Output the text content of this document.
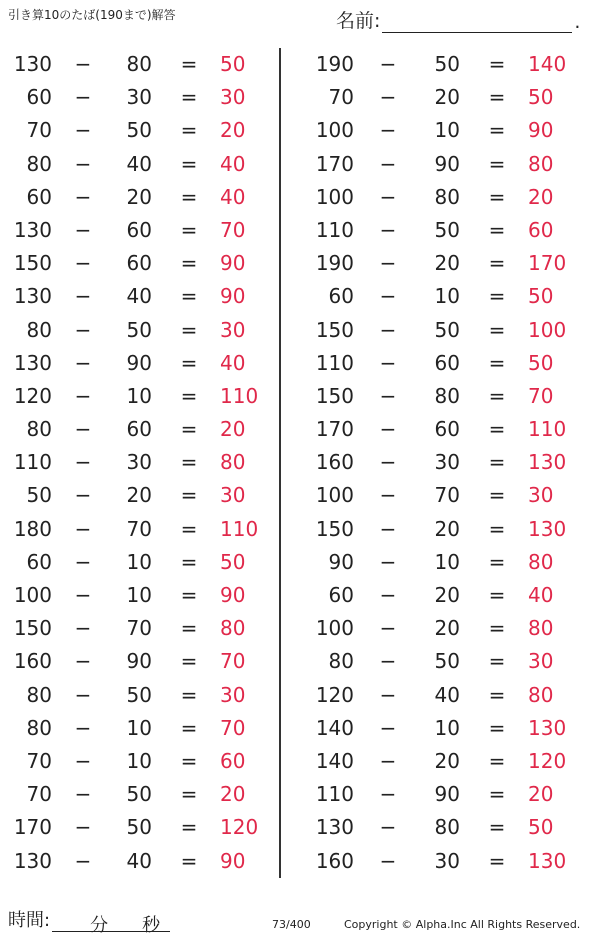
引き算10のたば(190まで)解答	名前:	.
130 −	80 = 50
60 −	30 = 30
70 −	50 = 20
80 −	40 = 40
60 −	20 = 40
130 −	60 = 70
150 −	60 = 90
130 −	40 = 90
80 −	50 = 30
130 −	90 = 40
120 −	10 = 110
80 −	60 = 20
110 −	30 = 80
50 −	20 = 30
180 −	70 = 110
60 −	10 = 50
100 −	10 = 90
150 −	70 = 80
160 −	90 = 70
80 −	50 = 30
80 −	10 = 70
70 −	10 = 60
70 −	50 = 20
170 −	50 = 120
130 −	40 = 90
190 −	50 = 140
70 −	20 = 50
100 −	10 = 90
170 −	90 = 80
100 −	80 = 20
110 −	50 = 60
190 −	20 = 170
60 −	10 = 50
150 −	50 = 100
110 −	60 = 50
150 −	80 = 70
170 −	60 = 110
160 −	30 = 130
100 −	70 = 30
150 −	20 = 130
90 −	10 = 80
60 −	20 = 40
100 −	20 = 80
80 −	50 = 30
120 −	40 = 80
140 −	10 = 130
140 −	20 = 120
110 −	90 = 20
130 −	80 = 50
160 −	30 = 130
時間: 分 秒	73/400	Copyright © Alpha.Inc All Rights Reserved.
